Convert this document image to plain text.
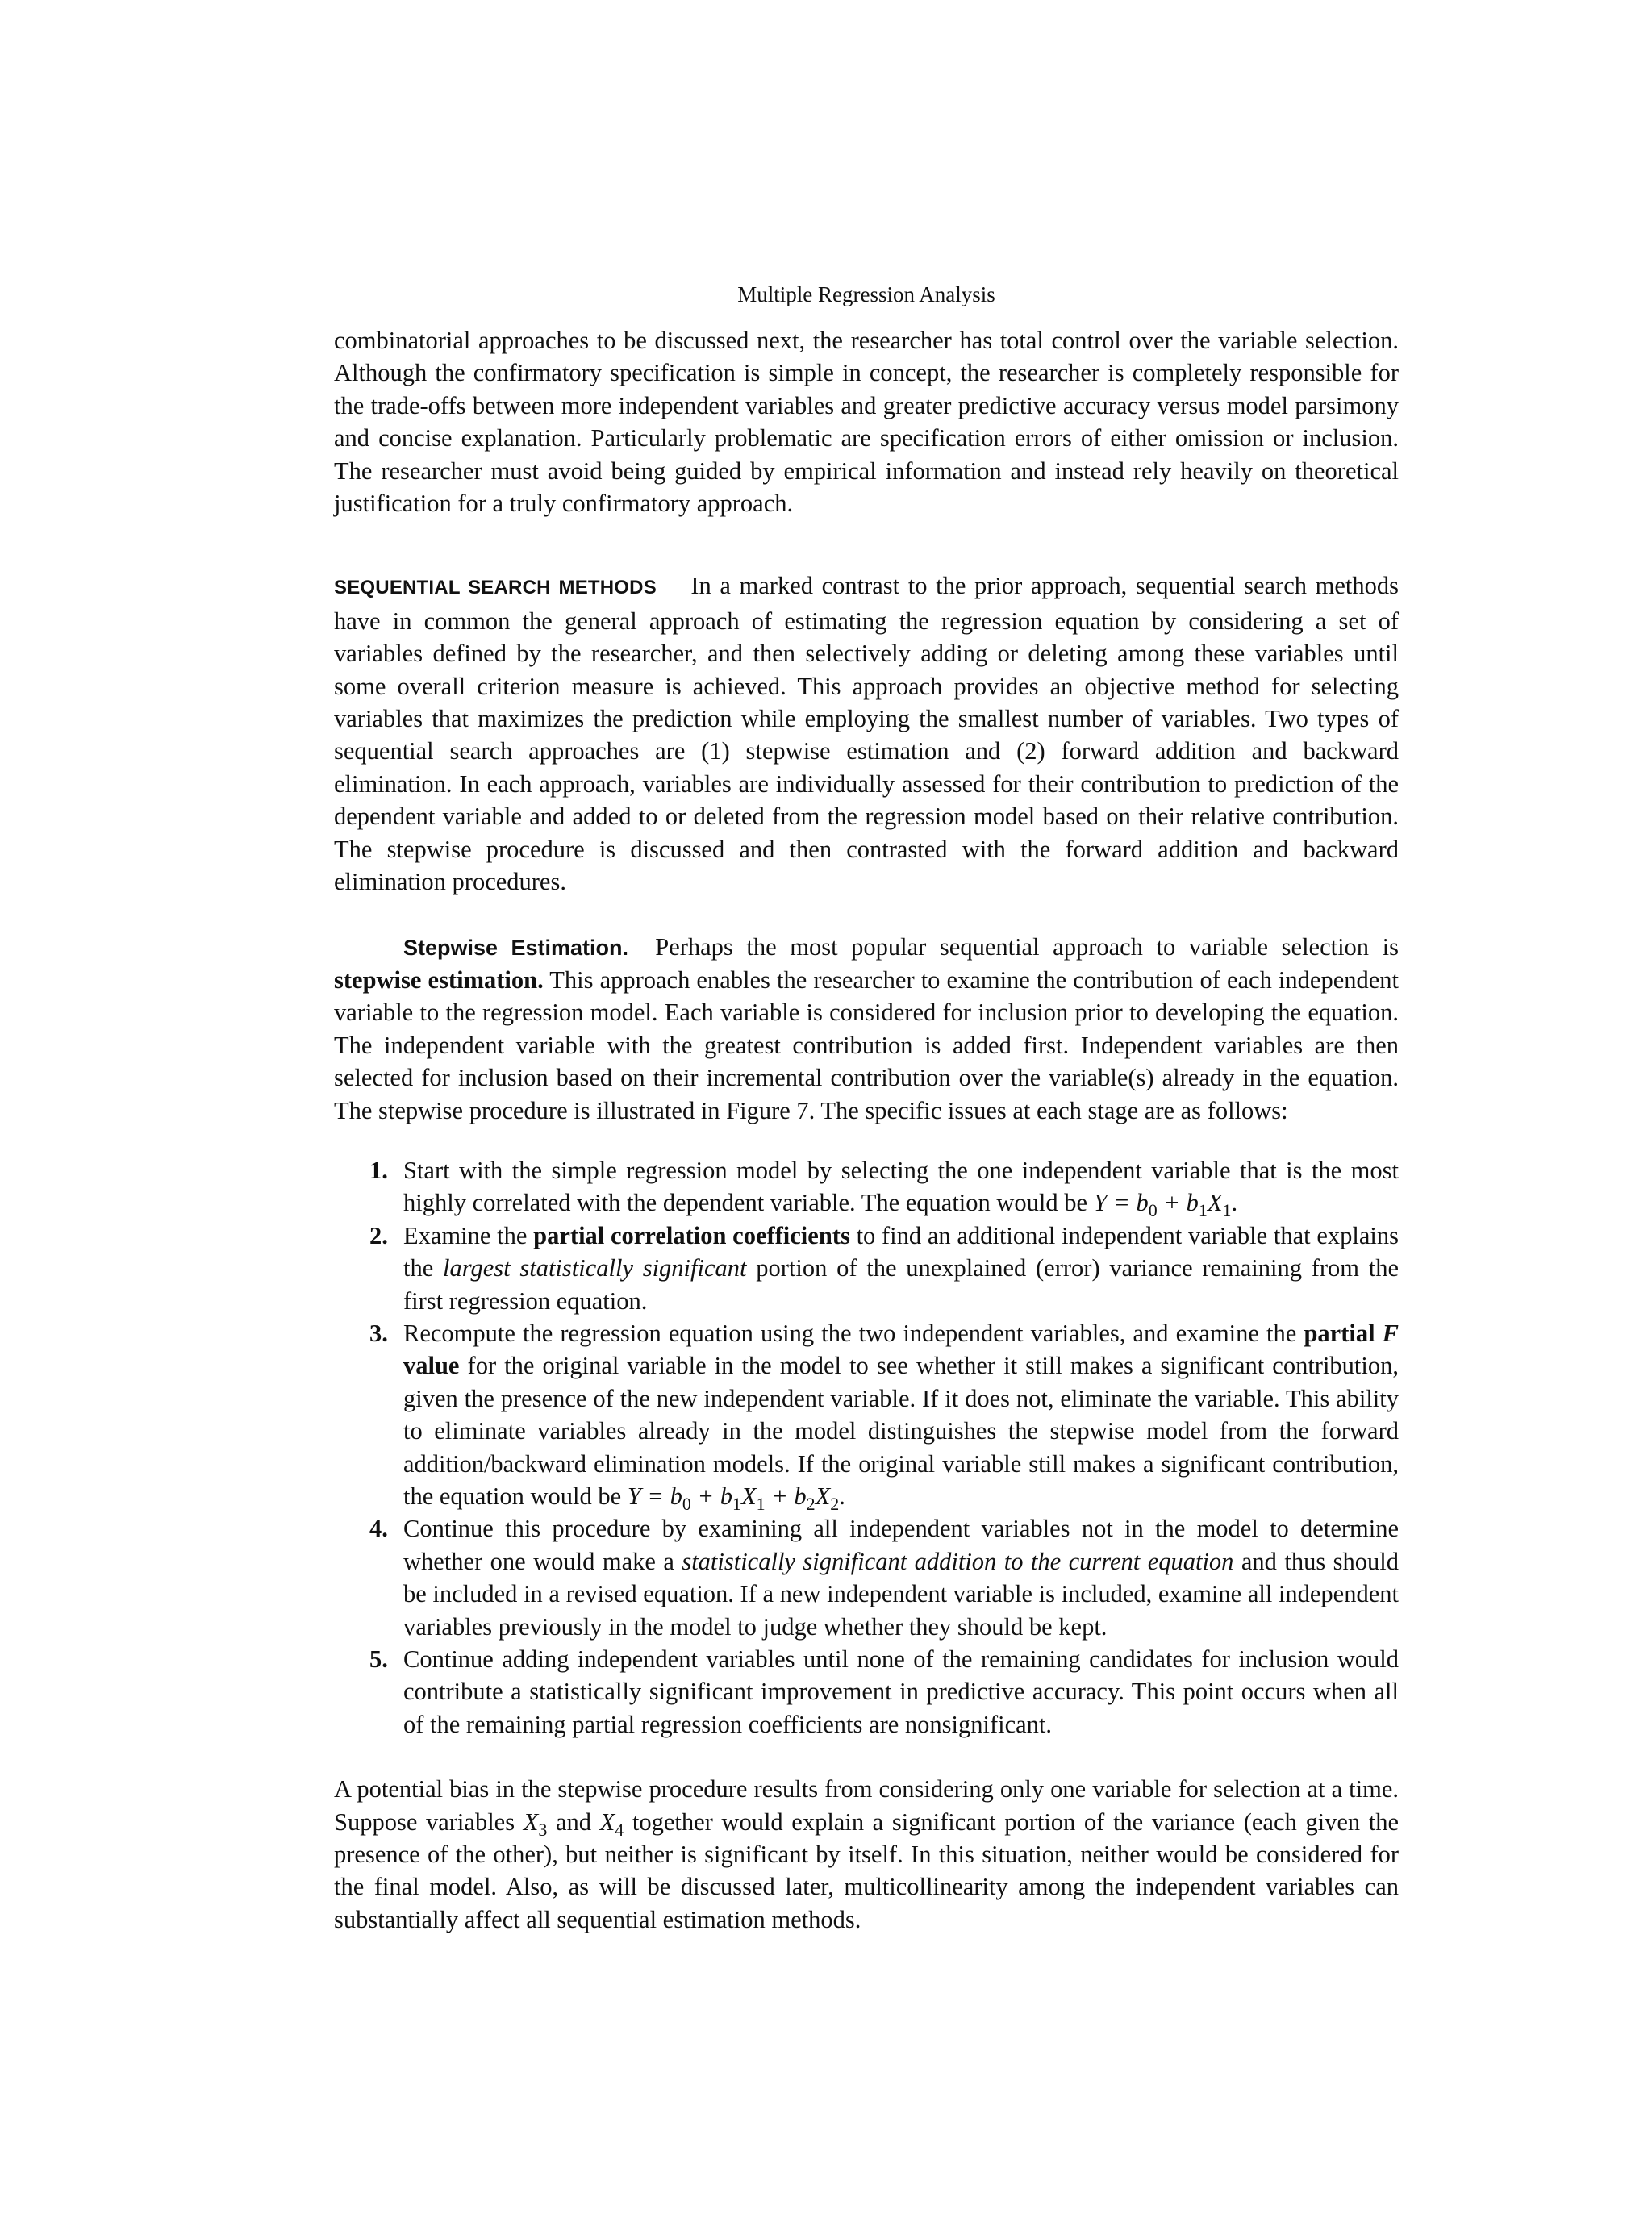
Multiple Regression Analysis

combinatorial approaches to be discussed next, the researcher has total control over the variable selection. Although the confirmatory specification is simple in concept, the researcher is completely responsible for the trade-offs between more independent variables and greater predictive accuracy versus model parsimony and concise explanation. Particularly problematic are specification errors of either omission or inclusion. The researcher must avoid being guided by empirical information and instead rely heavily on theoretical justification for a truly confirmatory approach.

SEQUENTIAL SEARCH METHODS In a marked contrast to the prior approach, sequential search methods have in common the general approach of estimating the regression equation by considering a set of variables defined by the researcher, and then selectively adding or deleting among these variables until some overall criterion measure is achieved. This approach provides an objective method for selecting variables that maximizes the prediction while employing the smallest number of variables. Two types of sequential search approaches are (1) stepwise estimation and (2) forward addition and backward elimination. In each approach, variables are individually assessed for their contribution to prediction of the dependent variable and added to or deleted from the regression model based on their relative contribution. The stepwise procedure is discussed and then contrasted with the forward addition and backward elimination procedures.

Stepwise Estimation. Perhaps the most popular sequential approach to variable selection is stepwise estimation. This approach enables the researcher to examine the contribution of each independent variable to the regression model. Each variable is considered for inclusion prior to developing the equation. The independent variable with the greatest contribution is added first. Independent variables are then selected for inclusion based on their incremental contribution over the variable(s) already in the equation. The stepwise procedure is illustrated in Figure 7. The specific issues at each stage are as follows:

1. Start with the simple regression model by selecting the one independent variable that is the most highly correlated with the dependent variable. The equation would be $Y = b_0 + b_1X_1$.
2. Examine the partial correlation coefficients to find an additional independent variable that explains the largest statistically significant portion of the unexplained (error) variance remaining from the first regression equation.
3. Recompute the regression equation using the two independent variables, and examine the partial F value for the original variable in the model to see whether it still makes a significant contribution, given the presence of the new independent variable. If it does not, eliminate the variable. This ability to eliminate variables already in the model distinguishes the stepwise model from the forward addition/backward elimination models. If the original variable still makes a significant contribution, the equation would be $Y = b_0 + b_1X_1 + b_2X_2$.
4. Continue this procedure by examining all independent variables not in the model to determine whether one would make a statistically significant addition to the current equation and thus should be included in a revised equation. If a new independent variable is included, examine all independent variables previously in the model to judge whether they should be kept.
5. Continue adding independent variables until none of the remaining candidates for inclusion would contribute a statistically significant improvement in predictive accuracy. This point occurs when all of the remaining partial regression coefficients are nonsignificant.

A potential bias in the stepwise procedure results from considering only one variable for selection at a time. Suppose variables $X_3$ and $X_4$ together would explain a significant portion of the variance (each given the presence of the other), but neither is significant by itself. In this situation, neither would be considered for the final model. Also, as will be discussed later, multicollinearity among the independent variables can substantially affect all sequential estimation methods.
